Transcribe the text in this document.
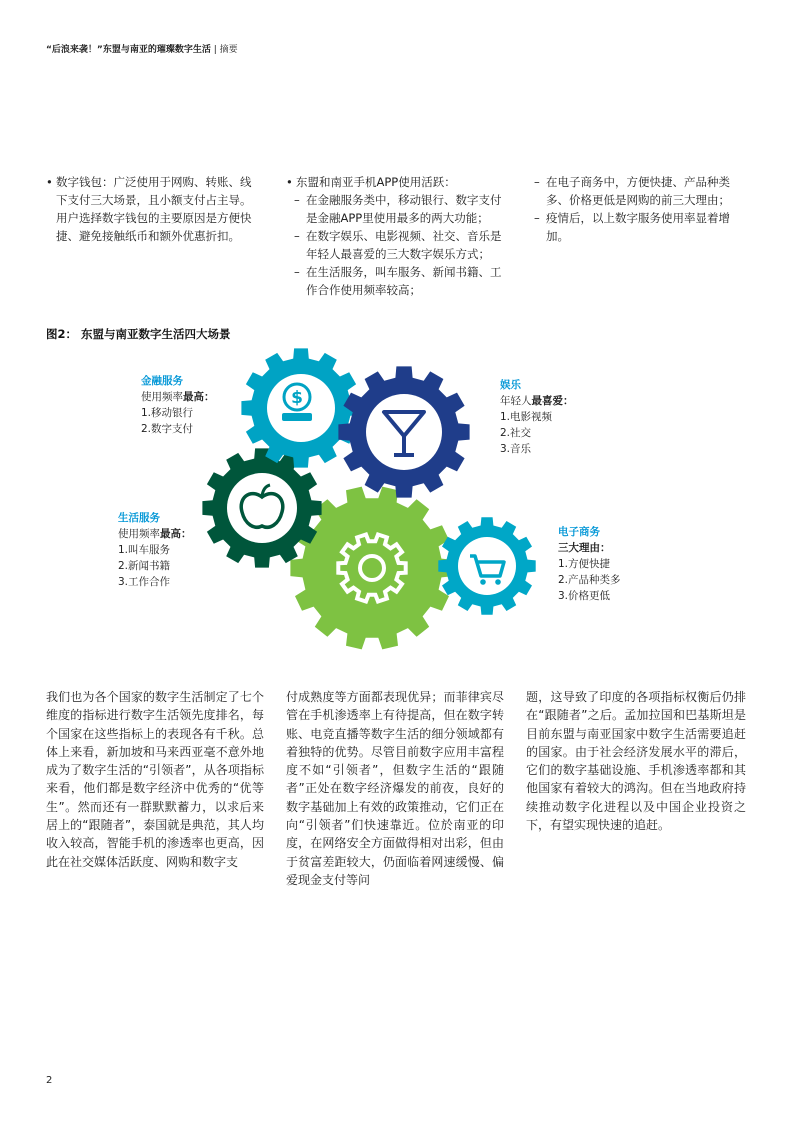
“后浪来袭！”东盟与南亚的璀璨数字生活 | 摘要

• 数字钱包：广泛使用于网购、转账、线下支付三大场景，且小额支付占主导。用户选择数字钱包的主要原因是方便快捷、避免接触纸币和额外优惠折扣。

• 东盟和南亚手机APP使用活跃：

– 在金融服务类中，移动银行、数字支付是金融APP里使用最多的两大功能；

– 在数字娱乐、电影视频、社交、音乐是年轻人最喜爱的三大数字娱乐方式；

– 在生活服务，叫车服务、新闻书籍、工作合作使用频率较高；

– 在电子商务中，方便快捷、产品种类多、价格更低是网购的前三大理由；

– 疫情后，以上数字服务使用率显着增加。

图2： 东盟与南亚数字生活四大场景
$
金融服务
使用频率最高：
1.移动银行
2.数字支付
娱乐
年轻人最喜爱：
1.电影视频
2.社交
3.音乐
生活服务
使用频率最高：
1.叫车服务
2.新闻书籍
3.工作合作
电子商务
三大理由：
1.方便快捷
2.产品种类多
3.价格更低
我们也为各个国家的数字生活制定了七个维度的指标进行数字生活领先度排名，每个国家在这些指标上的表现各有千秋。总体上来看，新加坡和马来西亚毫不意外地成为了数字生活的“引领者”，从各项指标来看，他们都是数字经济中优秀的“优等生”。然而还有一群默默蓄力，以求后来居上的“跟随者”，泰国就是典范，其人均收入较高，智能手机的渗透率也更高，因此在社交媒体活跃度、网购和数字支
付成熟度等方面都表现优异；而菲律宾尽管在手机渗透率上有待提高，但在数字转账、电竞直播等数字生活的细分领域都有着独特的优势。尽管目前数字应用丰富程度不如“引领者”，但数字生活的“跟随者”正处在数字经济爆发的前夜，良好的数字基础加上有效的政策推动，它们正在向“引领者”们快速靠近。位於南亚的印度，在网络安全方面做得相对出彩，但由于贫富差距较大，仍面临着网速缓慢、偏爱现金支付等问
题，这导致了印度的各项指标权衡后仍排在“跟随者”之后。孟加拉国和巴基斯坦是目前东盟与南亚国家中数字生活需要追赶的国家。由于社会经济发展水平的滞后，它们的数字基础设施、手机渗透率都和其他国家有着较大的鸿沟。但在当地政府持续推动数字化进程以及中国企业投资之下，有望实现快速的追赶。
2
